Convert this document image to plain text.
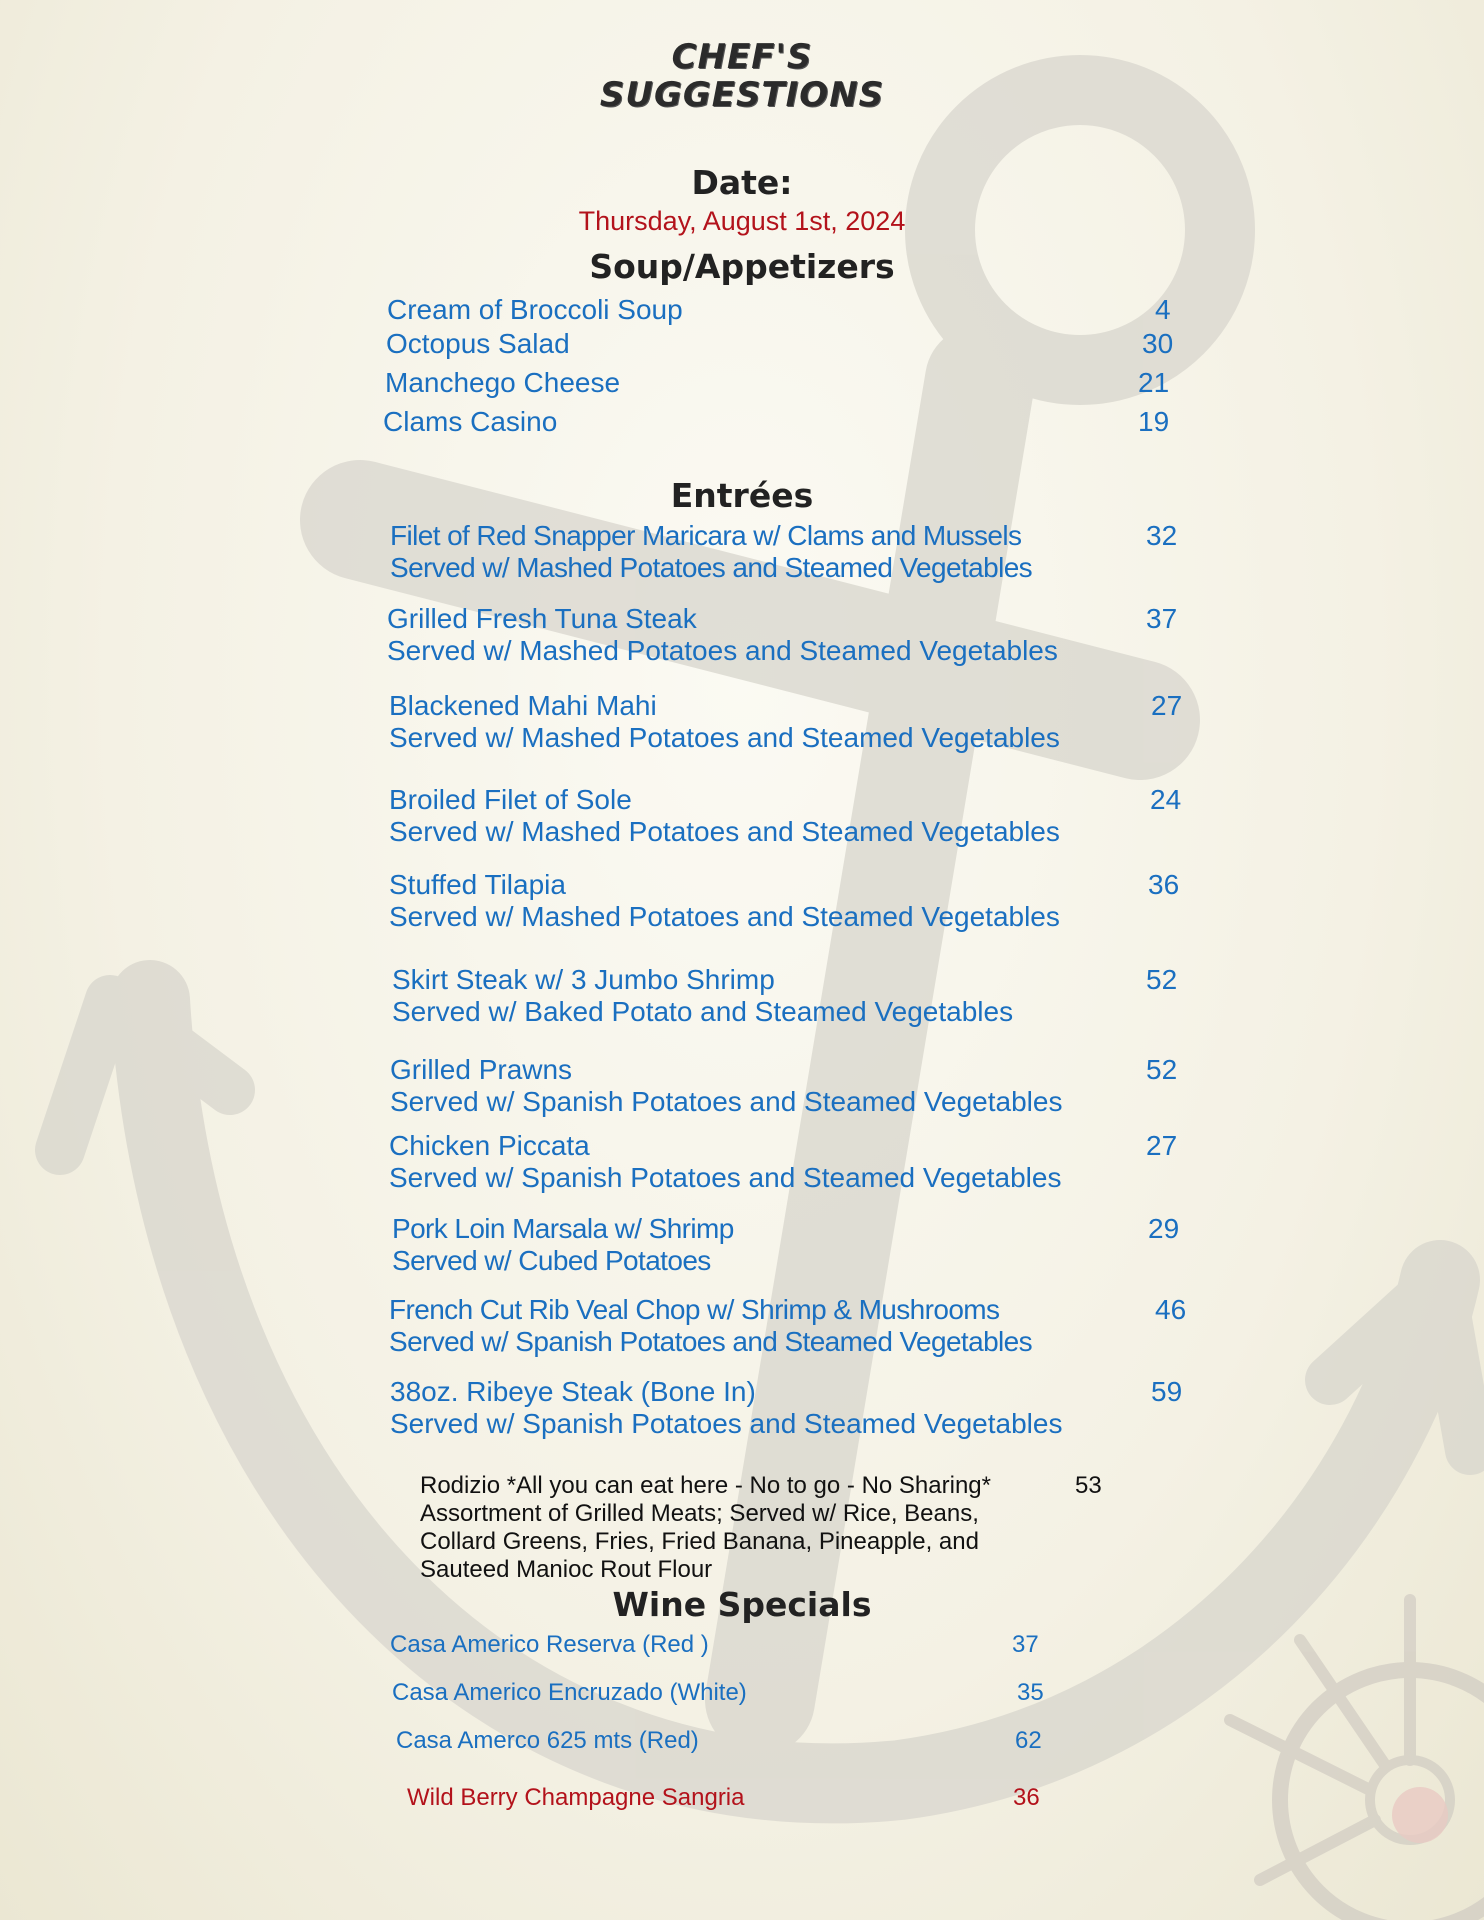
CHEF'S
SUGGESTIONS
Date:
Thursday, August 1st, 2024
Soup/Appetizers
Cream of Broccoli Soup	4
Octopus Salad	30
Manchego Cheese	21
Clams Casino	19
Entrées
Filet of Red Snapper Maricara w/ Clams and Mussels	32
Served w/ Mashed Potatoes and Steamed Vegetables
Grilled Fresh Tuna Steak	37
Served w/ Mashed Potatoes and Steamed Vegetables
Blackened Mahi Mahi	27
Served w/ Mashed Potatoes and Steamed Vegetables
Broiled Filet of Sole	24
Served w/ Mashed Potatoes and Steamed Vegetables
Stuffed Tilapia	36
Served w/ Mashed Potatoes and Steamed Vegetables
Skirt Steak w/ 3 Jumbo Shrimp	52
Served w/ Baked Potato and Steamed Vegetables
Grilled Prawns	52
Served w/ Spanish Potatoes and Steamed Vegetables
Chicken Piccata	27
Served w/ Spanish Potatoes and Steamed Vegetables
Pork Loin Marsala w/ Shrimp	29
Served w/ Cubed Potatoes
French Cut Rib Veal Chop w/ Shrimp & Mushrooms	46
Served w/ Spanish Potatoes and Steamed Vegetables
38oz. Ribeye Steak (Bone In)	59
Served w/ Spanish Potatoes and Steamed Vegetables
Rodizio *All you can eat here - No to go - No Sharing*	53
Assortment of Grilled Meats; Served w/ Rice, Beans,
Collard Greens, Fries, Fried Banana, Pineapple, and
Sauteed Manioc Rout Flour
Wine Specials
Casa Americo Reserva (Red )	37
Casa Americo Encruzado (White)	35
Casa Amerco 625 mts (Red)	62
Wild Berry Champagne Sangria	36
